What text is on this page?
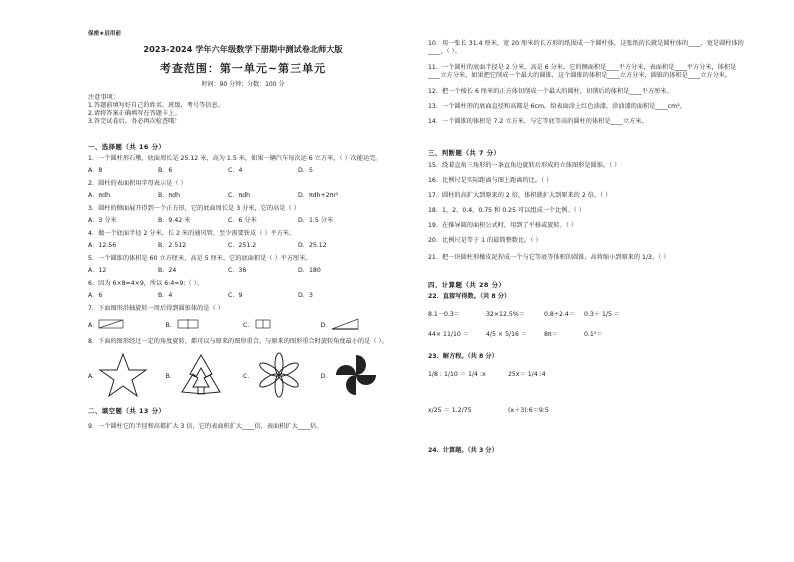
保密★启用前
2023-2024 学年六年级数学下册期中测试卷北师大版
考查范围：第一单元~第三单元
时间：90 分钟；分数：100 分
注意事项：
1.答题前填写好自己的姓名、班级、考号等信息。
2.请将答案正确填写在答题卡上。
3.答完试卷后，务必再次检查哦！
一、选择题（共 16 分）
1．一个圆柱形石墩，底面周长是 25.12 米，高为 1.5 米，如果一辆汽车每次运 6 立方米，（ ）次能运完。
A．8	B．6	C．4	D．5
2．圆柱的表面积用字母表示是（ ）
A．πdh	B．πdh	C．πdh	D．πdh+2πr²
3．圆柱的侧面展开得到一个正方形，它的底面周长是 3 分米，它的高是（ ）
A．3 分米	B．9.42 米	C．6 分米	D．1.5 分米
4．做一个底面半径 2 分米，长 2 米的通风管，至少需要铁皮（ ）平方米。
A．12.56	B．2.512	C．251.2	D．25.12
5．一个圆锥的体积是 60 立方厘米，高是 5 厘米，它的底面积是（ ）平方厘米。
A．12	B．24	C．36	D．180
6．因为 6×8=4×9，所以 6:4=9:（ ）。
A．6	B．4	C．9	D．3
7．下面图形沿轴旋转一周后得到圆锥体的是（ ）
A．	B．	C．	D．
8．下面的图形经过一定的角度旋转，都可以与原来的图形重合，与原来的图形重合时旋转角度最小的是（ ）。
A．	B．	C．	D．
二、填空题（共 13 分）
9．一个圆柱它的半径和高都扩大 3 倍，它的表面积扩大____倍，表面积扩大____倍。
10．用一张长 31.4 厘米，宽 20 厘米的长方形的纸围成一个圆柱体，这张纸的长就是圆柱体的____，宽是圆柱体的____，（ ）。
11．一个圆柱的底面半径是 2 分米，高是 6 分米，它的侧面积是____平方分米，表面积是____平方分米，体积是____立方分米，如果把它削成一个最大的圆锥，这个圆锥的体积是____立方分米，圆锥的体积是____立方分米。
12．把一个棱长 6 厘米的正方体切削成一个最大的圆柱，切削后的体积是____平方厘米。
13．一个圆柱形的底面直径和高都是 6cm。给表面涂上红色油漆，涂油漆的面积是____cm²。
14．一个圆锥的体积是 7.2 立方米，与它等底等高的圆柱的体积是____立方米。
三、判断题（共 7 分）
15．绕着直角三角形的一条直角边旋转后形成的立体图形是圆锥。（ ）
16．比例尺是实际距离与图上距离的比。（ ）
17．圆柱的高扩大到原来的 2 倍，体积就扩大到原来的 2 倍。（ ）
18．1，2，0.4，0.75 和 0.25 可以组成一个比例。（ ）
19．在推导圆的面积公式时，用到了平移或旋转。（ ）
20．比例尺是等于 1 的最简整数比。（ ）
21．把一块圆柱形橡皮泥捏成一个与它等底等体积的圆锥，高将缩小到原来的 1/3。（ ）
四、计算题（共 28 分）
22．直接写得数。（共 8 分）
8.1－0.3＝	32×12.5%＝	0.8÷2.4＝	0.3＋ 1/5 ＝
44× 11/10 ＝	4/5 × 5/16 ＝	8π＝	0.1²＝
23．解方程。（共 8 分）
1/8 : 1/10 ＝ 1/4 :x	25x＝ 1/4 :4
x/25 ＝ 1.2/75	(x＋3):6＝9:5
24．计算题。（共 3 分）
